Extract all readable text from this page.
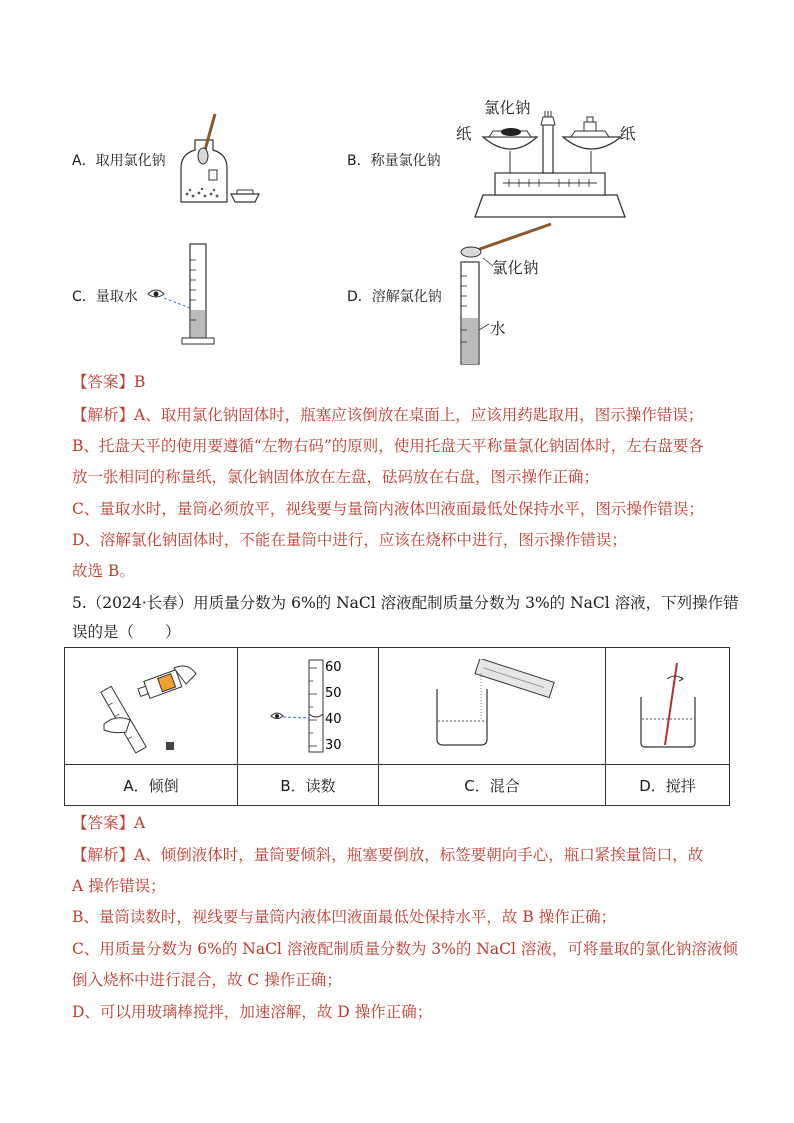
A．取用氯化钠	B．称量氯化钠
氯化钠
纸	纸
C．量取水	D．溶解氯化钠
氯化钠
水
【答案】B
【解析】A、取用氯化钠固体时，瓶塞应该倒放在桌面上，应该用药匙取用，图示操作错误；
B、托盘天平的使用要遵循“左物右码”的原则，使用托盘天平称量氯化钠固体时，左右盘要各
放一张相同的称量纸，氯化钠固体放在左盘，砝码放在右盘，图示操作正确；
C、量取水时，量筒必须放平，视线要与量筒内液体凹液面最低处保持水平，图示操作错误；
D、溶解氯化钠固体时，不能在量筒中进行，应该在烧杯中进行，图示操作错误；
故选 B。
5.（2024·长春）用质量分数为 6%的 NaCl 溶液配制质量分数为 3%的 NaCl 溶液，下列操作错
误的是（　　）

60
50
40
30

A．倾倒	B．读数	C．混合	D．搅拌
【答案】A
【解析】A、倾倒液体时，量筒要倾斜，瓶塞要倒放，标签要朝向手心，瓶口紧挨量筒口，故
A 操作错误；
B、量筒读数时，视线要与量筒内液体凹液面最低处保持水平，故 B 操作正确；
C、用质量分数为 6%的 NaCl 溶液配制质量分数为 3%的 NaCl 溶液，可将量取的氯化钠溶液倾
倒入烧杯中进行混合，故 C 操作正确；
D、可以用玻璃棒搅拌，加速溶解，故 D 操作正确；
